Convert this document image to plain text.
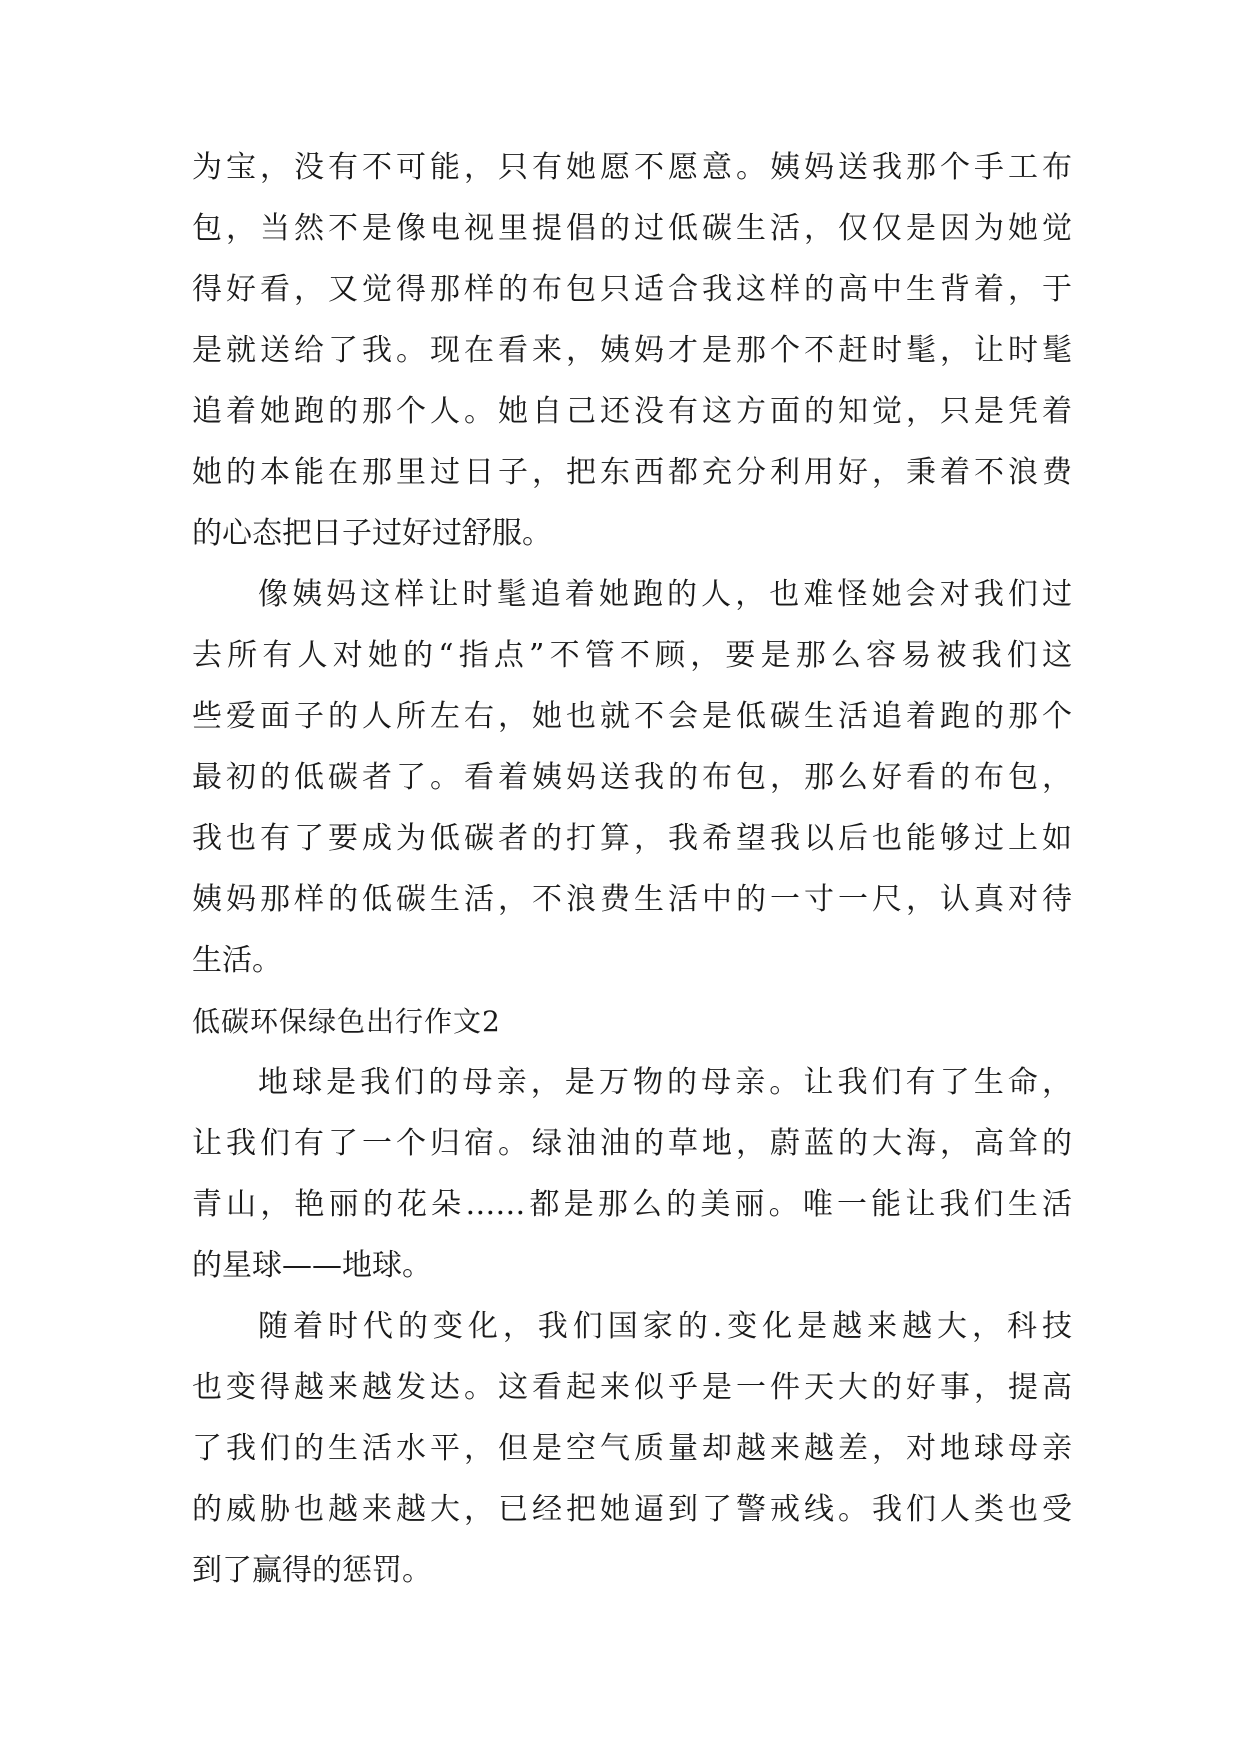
为宝，没有不可能，只有她愿不愿意。姨妈送我那个手工布
包，当然不是像电视里提倡的过低碳生活，仅仅是因为她觉
得好看，又觉得那样的布包只适合我这样的高中生背着，于
是就送给了我。现在看来，姨妈才是那个不赶时髦，让时髦
追着她跑的那个人。她自己还没有这方面的知觉，只是凭着
她的本能在那里过日子，把东西都充分利用好，秉着不浪费
的心态把日子过好过舒服。
像姨妈这样让时髦追着她跑的人，也难怪她会对我们过
去所有人对她的“指点”不管不顾，要是那么容易被我们这
些爱面子的人所左右，她也就不会是低碳生活追着跑的那个
最初的低碳者了。看着姨妈送我的布包，那么好看的布包，
我也有了要成为低碳者的打算，我希望我以后也能够过上如
姨妈那样的低碳生活，不浪费生活中的一寸一尺，认真对待
生活。
低碳环保绿色出行作文2
地球是我们的母亲，是万物的母亲。让我们有了生命，
让我们有了一个归宿。绿油油的草地，蔚蓝的大海，高耸的
青山，艳丽的花朵……都是那么的美丽。唯一能让我们生活
的星球——地球。
随着时代的变化，我们国家的.变化是越来越大，科技
也变得越来越发达。这看起来似乎是一件天大的好事，提高
了我们的生活水平，但是空气质量却越来越差，对地球母亲
的威胁也越来越大，已经把她逼到了警戒线。我们人类也受
到了赢得的惩罚。
